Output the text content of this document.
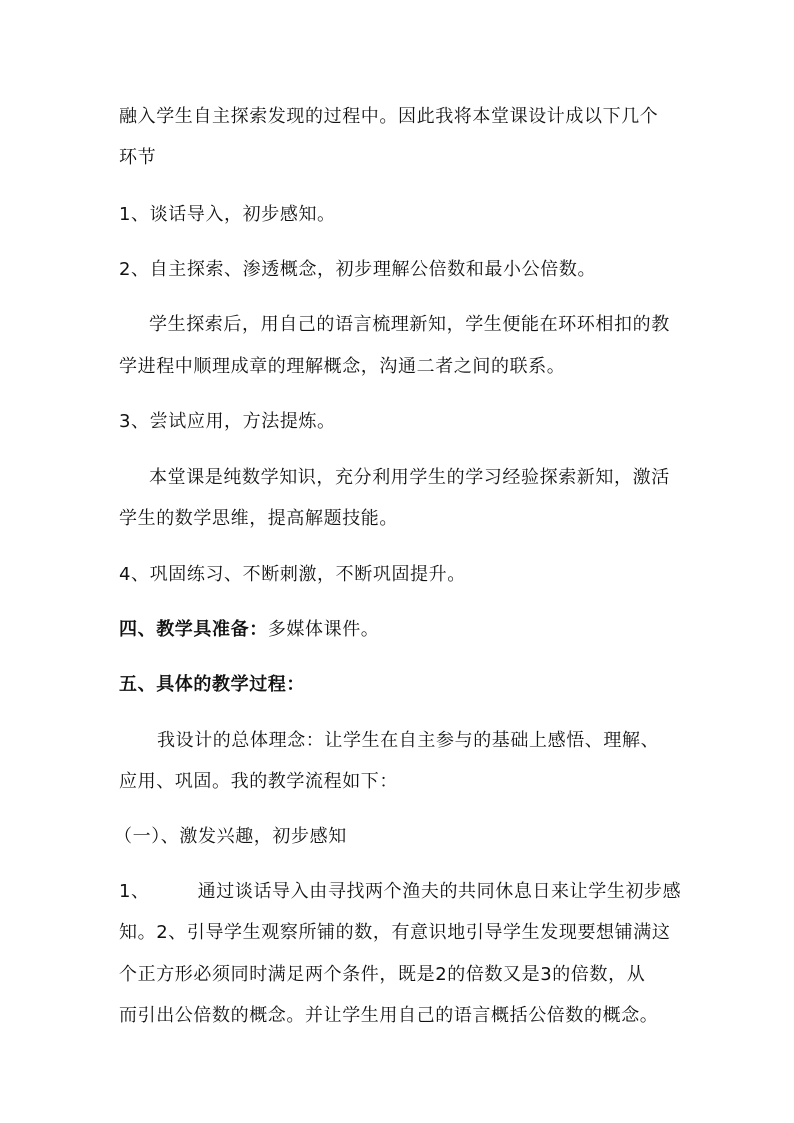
融入学生自主探索发现的过程中。因此我将本堂课设计成以下几个
环节
1、谈话导入，初步感知。
2、自主探索、渗透概念，初步理解公倍数和最小公倍数。
学生探索后，用自己的语言梳理新知，学生便能在环环相扣的教
学进程中顺理成章的理解概念，沟通二者之间的联系。
3、尝试应用，方法提炼。
本堂课是纯数学知识，充分利用学生的学习经验探索新知，激活
学生的数学思维，提高解题技能。
4、巩固练习、不断刺激，不断巩固提升。
四、教学具准备：多媒体课件。
五、具体的教学过程：
我设计的总体理念：让学生在自主参与的基础上感悟、理解、
应用、巩固。我的教学流程如下：
（一）、激发兴趣，初步感知
1、	通过谈话导入由寻找两个渔夫的共同休息日来让学生初步感
知。2、引导学生观察所铺的数，有意识地引导学生发现要想铺满这
个正方形必须同时满足两个条件，既是2的倍数又是3的倍数，从
而引出公倍数的概念。并让学生用自己的语言概括公倍数的概念。
